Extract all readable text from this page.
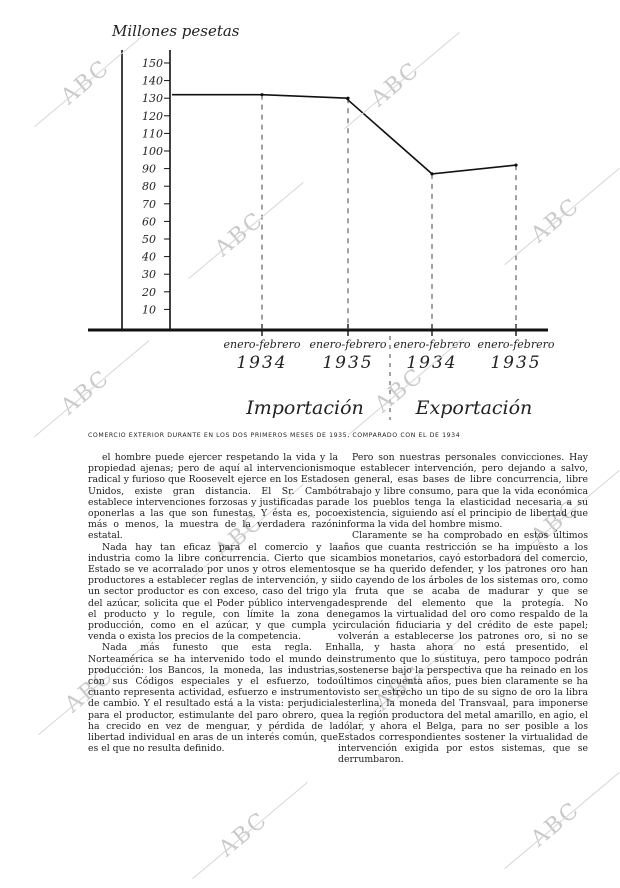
Millones pesetas
150
140
130
120
110
100
90
80
70
60
50
40
30
20
10
Importación	Exportación
enero-febrero
1934
enero-febrero
1935
enero-febrero
1934
enero-febrero
1935
ABC	ABC
ABC	ABC
ABC	ABC
ABC	ABC
ABC	ABC
ABC	ABC
COMERCIO EXTERIOR DURANTE EN LOS DOS PRIMEROS MESES DE 1935, COMPARADO CON EL DE 1934

el hombre puede ejercer respetando la vida y la propiedad ajenas; pero de aquí al intervencionismo radical y furioso que Roosevelt ejerce en los Estados Unidos, existe gran distancia. El Sr. Cambó establece intervenciones forzosas y justificadas para oponerlas a las que son funestas. Y ésta es, poco más o menos, la muestra de la verdadera razón estatal.

Nada hay tan eficaz para el comercio y la industria como la libre concurrencia. Cierto que si Estado se ve acorralado por unos y otros elementos productores a establecer reglas de intervención, y si un sector productor es con exceso, caso del trigo y del azúcar, solicita que el Poder público intervenga el producto y lo regule, con límite la zona de producción, como en el azúcar, y que cumpla y venda o exista los precios de la competencia.

Nada más funesto que esta regla. En Norteamérica se ha intervenido todo el mundo de producción: los Bancos, la moneda, las industrias, con sus Códigos especiales y el esfuerzo, todo cuanto representa actividad, esfuerzo e instrumento de cambio. Y el resultado está a la vista: perjudicial para el productor, estimulante del paro obrero, que ha crecido en vez de menguar, y pérdida de la libertad individual en aras de un interés común, que es el que no resulta definido.

Pero son nuestras personales convicciones. Hay que establecer intervención, pero dejando a salvo, en general, esas bases de libre concurrencia, libre trabajo y libre consumo, para que la vida económica de los pueblos tenga la elasticidad necesaria a su existencia, siguiendo así el principio de libertad que informa la vida del hombre mismo.

Claramente se ha comprobado en estos últimos años que cuanta restricción se ha impuesto a los cambios monetarios, cayó estorbadora del comercio, que se ha querido defender, y los patrones oro han ido cayendo de los árboles de los sistemas oro, como la fruta que se acaba de madurar y que se desprende del elemento que la protegía. No negamos la virtualidad del oro como respaldo de la circulación fiduciaria y del crédito de este papel; volverán a establecerse los patrones oro, si no se halla, y hasta ahora no está presentido, el instrumento que lo sustituya, pero tampoco podrán sostenerse bajo la perspectiva que ha reinado en los últimos cincuenta años, pues bien claramente se ha visto ser estrecho un tipo de su signo de oro la libra esterlina, la moneda del Transvaal, para imponerse a la región productora del metal amarillo, en agio, el dólar, y ahora el Belga, para no ser posible a los Estados correspondientes sostener la virtualidad de intervención exigida por estos sistemas, que se derrumbaron.
